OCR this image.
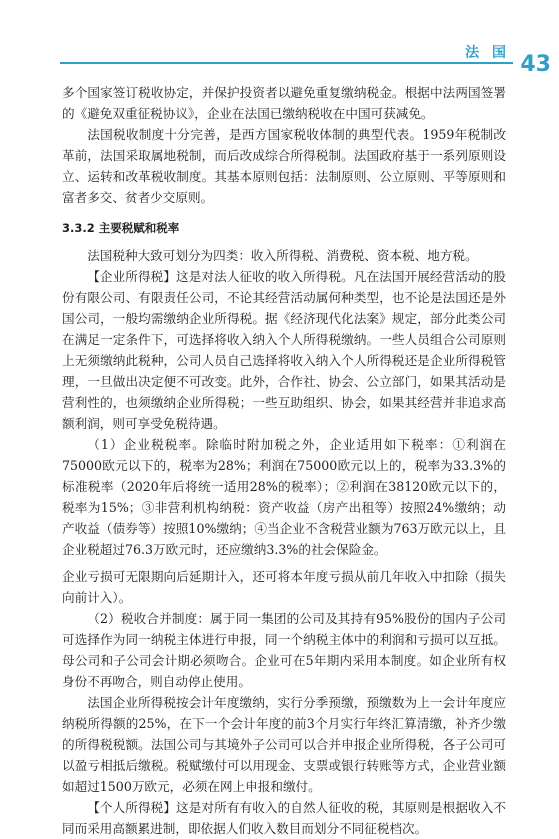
法 国 43

多个国家签订税收协定，并保护投资者以避免重复缴纳税金。根据中法两国签署的《避免双重征税协议》，企业在法国已缴纳税收在中国可获减免。

法国税收制度十分完善，是西方国家税收体制的典型代表。1959年税制改革前，法国采取属地税制，而后改成综合所得税制。法国政府基于一系列原则设立、运转和改革税收制度。其基本原则包括：法制原则、公立原则、平等原则和富者多交、贫者少交原则。

3.3.2 主要税赋和税率

法国税种大致可划分为四类：收入所得税、消费税、资本税、地方税。

【企业所得税】这是对法人征收的收入所得税。凡在法国开展经营活动的股份有限公司、有限责任公司，不论其经营活动属何种类型，也不论是法国还是外国公司，一般均需缴纳企业所得税。据《经济现代化法案》规定，部分此类公司在满足一定条件下，可选择将收入纳入个人所得税缴纳。一些人员组合公司原则上无须缴纳此税种，公司人员自己选择将收入纳入个人所得税还是企业所得税管理，一旦做出决定便不可改变。此外，合作社、协会、公立部门，如果其活动是营利性的，也须缴纳企业所得税；一些互助组织、协会，如果其经营并非追求高额利润，则可享受免税待遇。

（1）企业税税率。除临时附加税之外，企业适用如下税率：①利润在75000欧元以下的，税率为28%；利润在75000欧元以上的，税率为33.3%的标准税率（2020年后将统一适用28%的税率）；②利润在38120欧元以下的，税率为15%；③非营利机构纳税：资产收益（房产出租等）按照24%缴纳；动产收益（债券等）按照10%缴纳；④当企业不含税营业额为763万欧元以上，且企业税超过76.3万欧元时，还应缴纳3.3%的社会保险金。

企业亏损可无限期向后延期计入，还可将本年度亏损从前几年收入中扣除（损失向前计入）。

（2）税收合并制度：属于同一集团的公司及其持有95%股份的国内子公司可选择作为同一纳税主体进行申报，同一个纳税主体中的利润和亏损可以互抵。母公司和子公司会计期必须吻合。企业可在5年期内采用本制度。如企业所有权身份不再吻合，则自动停止使用。

法国企业所得税按会计年度缴纳，实行分季预缴，预缴数为上一会计年度应纳税所得额的25%，在下一个会计年度的前3个月实行年终汇算清缴，补齐少缴的所得税税额。法国公司与其境外子公司可以合并申报企业所得税，各子公司可以盈亏相抵后缴税。税赋缴付可以用现金、支票或银行转账等方式，企业营业额如超过1500万欧元，必须在网上申报和缴付。

【个人所得税】这是对所有有收入的自然人征收的税，其原则是根据收入不同而采用高额累进制，即依据人们收入数目而划分不同征税档次。
